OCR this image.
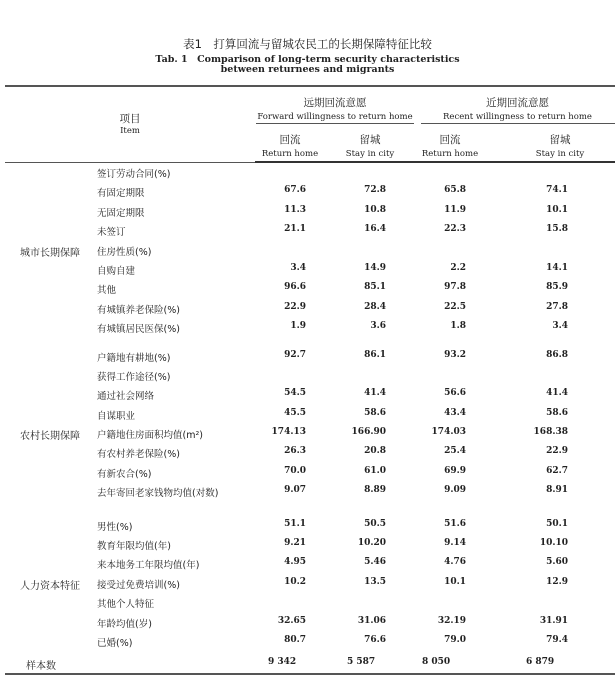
表1　打算回流与留城农民工的长期保障特征比较
Tab. 1　Comparison of long-term security characteristics
between returnees and migrants
项目
Item
远期回流意愿
Forward willingness to return home
近期回流意愿
Recent willingness to return home
回流
Return home
留城
Stay in city
回流
Return home
留城
Stay in city
签订劳动合同(%)
有固定期限	67.6	72.8	65.8	74.1
无固定期限	11.3	10.8	11.9	10.1
未签订	21.1	16.4	22.3	15.8
城市长期保障 住房性质(%)
自购自建	3.4	14.9	2.2	14.1
其他	96.6	85.1	97.8	85.9
有城镇养老保险(%)	22.9	28.4	22.5	27.8
有城镇居民医保(%)	1.9	3.6	1.8	3.4
户籍地有耕地(%)	92.7	86.1	93.2	86.8
获得工作途径(%)
通过社会网络	54.5	41.4	56.6	41.4
自谋职业	45.5	58.6	43.4	58.6
农村长期保障 户籍地住房面积均值(m²)	174.13	166.90	174.03	168.38
有农村养老保险(%)	26.3	20.8	25.4	22.9
有新农合(%)	70.0	61.0	69.9	62.7
去年寄回老家钱物均值(对数)	9.07	8.89	9.09	8.91
男性(%)	51.1	50.5	51.6	50.1
教育年限均值(年)	9.21	10.20	9.14	10.10
来本地务工年限均值(年)	4.95	5.46	4.76	5.60
人力资本特征 接受过免费培训(%)	10.2	13.5	10.1	12.9
其他个人特征
年龄均值(岁)	32.65	31.06	32.19	31.91
已婚(%)	80.7	76.6	79.0	79.4
样本数	9 342	5 587	8 050	6 879
